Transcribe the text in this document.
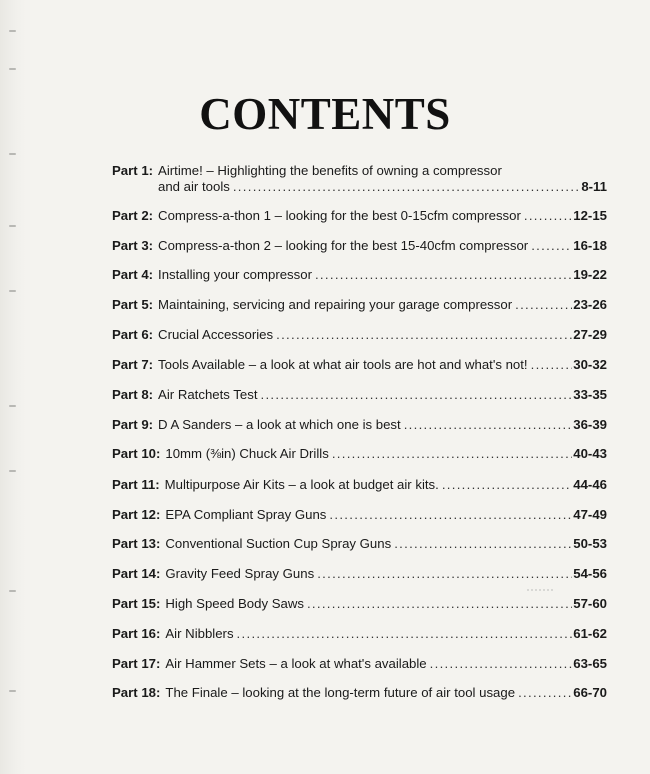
CONTENTS
Part 1: Airtime! – Highlighting the benefits of owning a compressor
and air tools .....	8-11
Part 2: Compress-a-thon 1 – looking for the best 0-15cfm compressor .....	12-15
Part 3: Compress-a-thon 2 – looking for the best 15-40cfm compressor .....	16-18
Part 4: Installing your compressor .....	19-22
Part 5: Maintaining, servicing and repairing your garage compressor .....	23-26
Part 6: Crucial Accessories .....	27-29
Part 7: Tools Available – a look at what air tools are hot and what's not! .....	30-32
Part 8: Air Ratchets Test .....	33-35
Part 9: D A Sanders – a look at which one is best .....	36-39
Part 10: 10mm (⅜in) Chuck Air Drills .....	40-43
Part 11: Multipurpose Air Kits – a look at budget air kits. .....	44-46
Part 12: EPA Compliant Spray Guns .....	47-49
Part 13: Conventional Suction Cup Spray Guns .....	50-53
Part 14: Gravity Feed Spray Guns .....	54-56
Part 15: High Speed Body Saws .....	57-60
Part 16: Air Nibblers .....	61-62
Part 17: Air Hammer Sets – a look at what's available .....	63-65
Part 18: The Finale – looking at the long-term future of air tool usage .....	66-70
